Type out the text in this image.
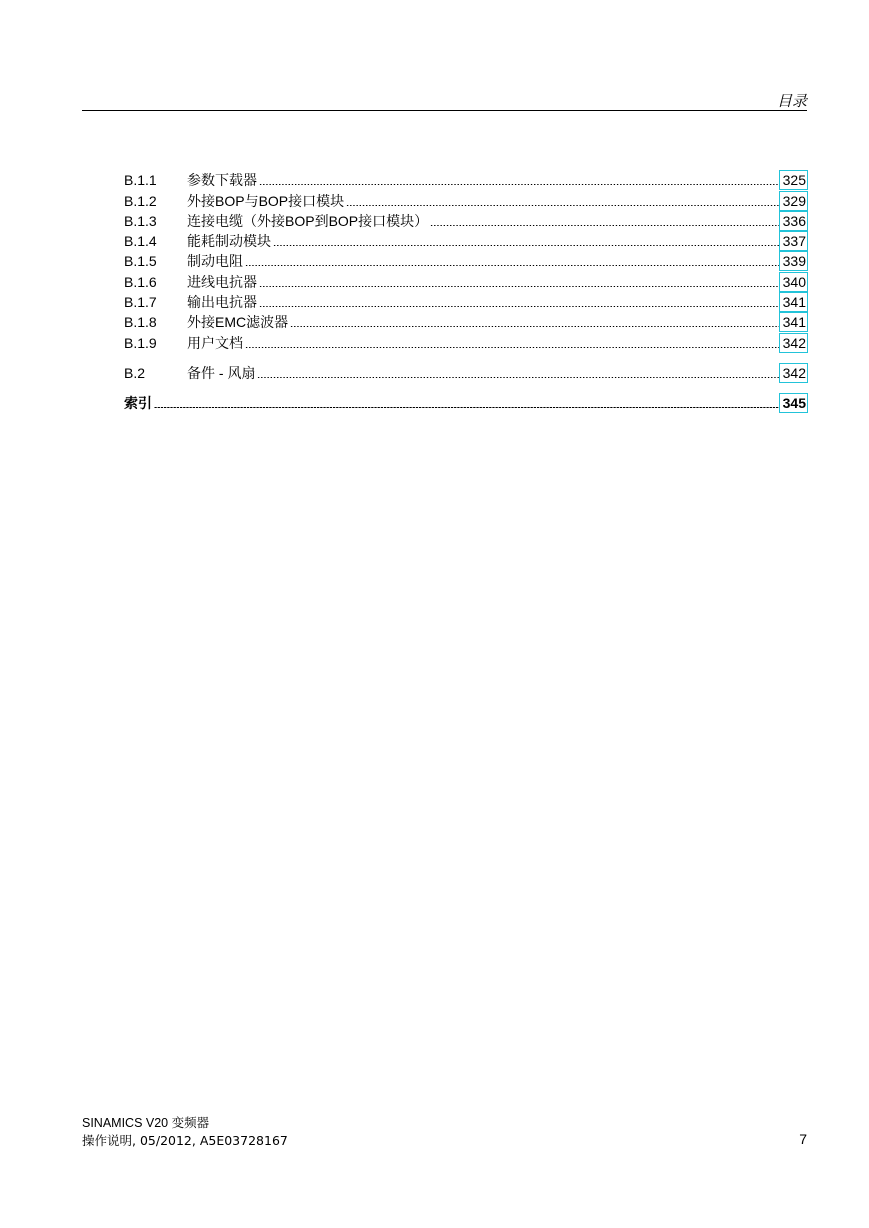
目录
B.1.1	参数下载器	325
B.1.2	外接BOP与BOP接口模块	329
B.1.3	连接电缆（外接BOP到BOP接口模块）	336
B.1.4	能耗制动模块	337
B.1.5	制动电阻	339
B.1.6	进线电抗器	340
B.1.7	输出电抗器	341
B.1.8	外接EMC滤波器	341
B.1.9	用户文档	342
B.2	备件 - 风扇	342
索引	345
SINAMICS V20 变频器
操作说明, 05/2012, A5E03728167	7
